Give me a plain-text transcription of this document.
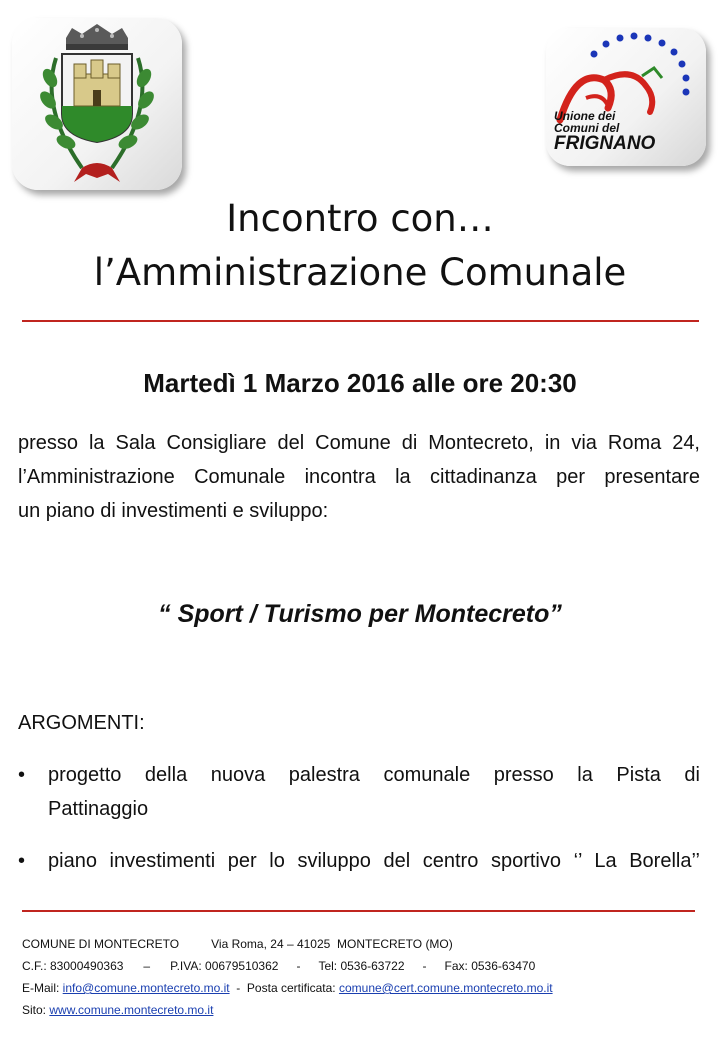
Unione dei
Comuni del
FRIGNANO
Incontro con…
l’Amministrazione Comunale
Martedì 1 Marzo 2016 alle ore 20:30
presso la Sala Consigliare del Comune di Montecreto, in via Roma 24,
l’Amministrazione Comunale incontra la cittadinanza per presentare
un piano di investimenti e sviluppo:
“ Sport / Turismo per Montecreto”
ARGOMENTI:
• progetto della nuova palestra comunale presso la Pista di
Pattinaggio
• piano investimenti per lo sviluppo del centro sportivo ‘’ La Borella’’
COMUNE DI MONTECRETO	Via Roma, 24 – 41025  MONTECRETO (MO)
C.F.: 83000490363 – P.IVA: 00679510362 - Tel: 0536-63722 - Fax: 0536-63470
E-Mail: info@comune.montecreto.mo.it  -  Posta certificata: comune@cert.comune.montecreto.mo.it
Sito: www.comune.montecreto.mo.it
